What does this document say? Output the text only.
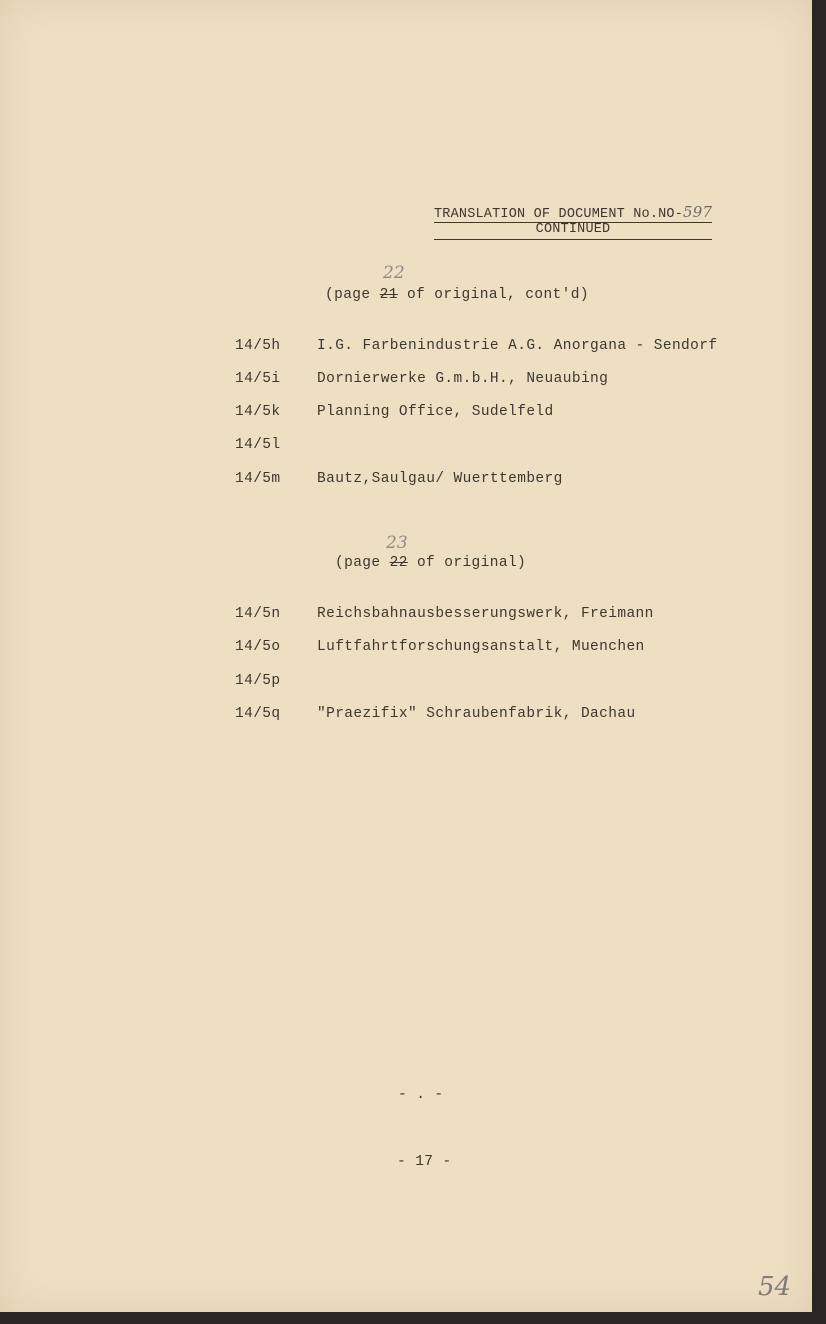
TRANSLATION OF DOCUMENT No.NO-597
CONTINUED
22
(page 21 of original, cont'd)
14/5h	I.G. Farbenindustrie A.G. Anorgana - Sendorf
14/5i	Dornierwerke G.m.b.H., Neuaubing
14/5k	Planning Office, Sudelfeld
14/5l
14/5m	Bautz,Saulgau/ Wuerttemberg
23
(page 22 of original)
14/5n	Reichsbahnausbesserungswerk, Freimann
14/5o	Luftfahrtforschungsanstalt, Muenchen
14/5p
14/5q	"Praezifix" Schraubenfabrik, Dachau
- . -
- 17 -
54
